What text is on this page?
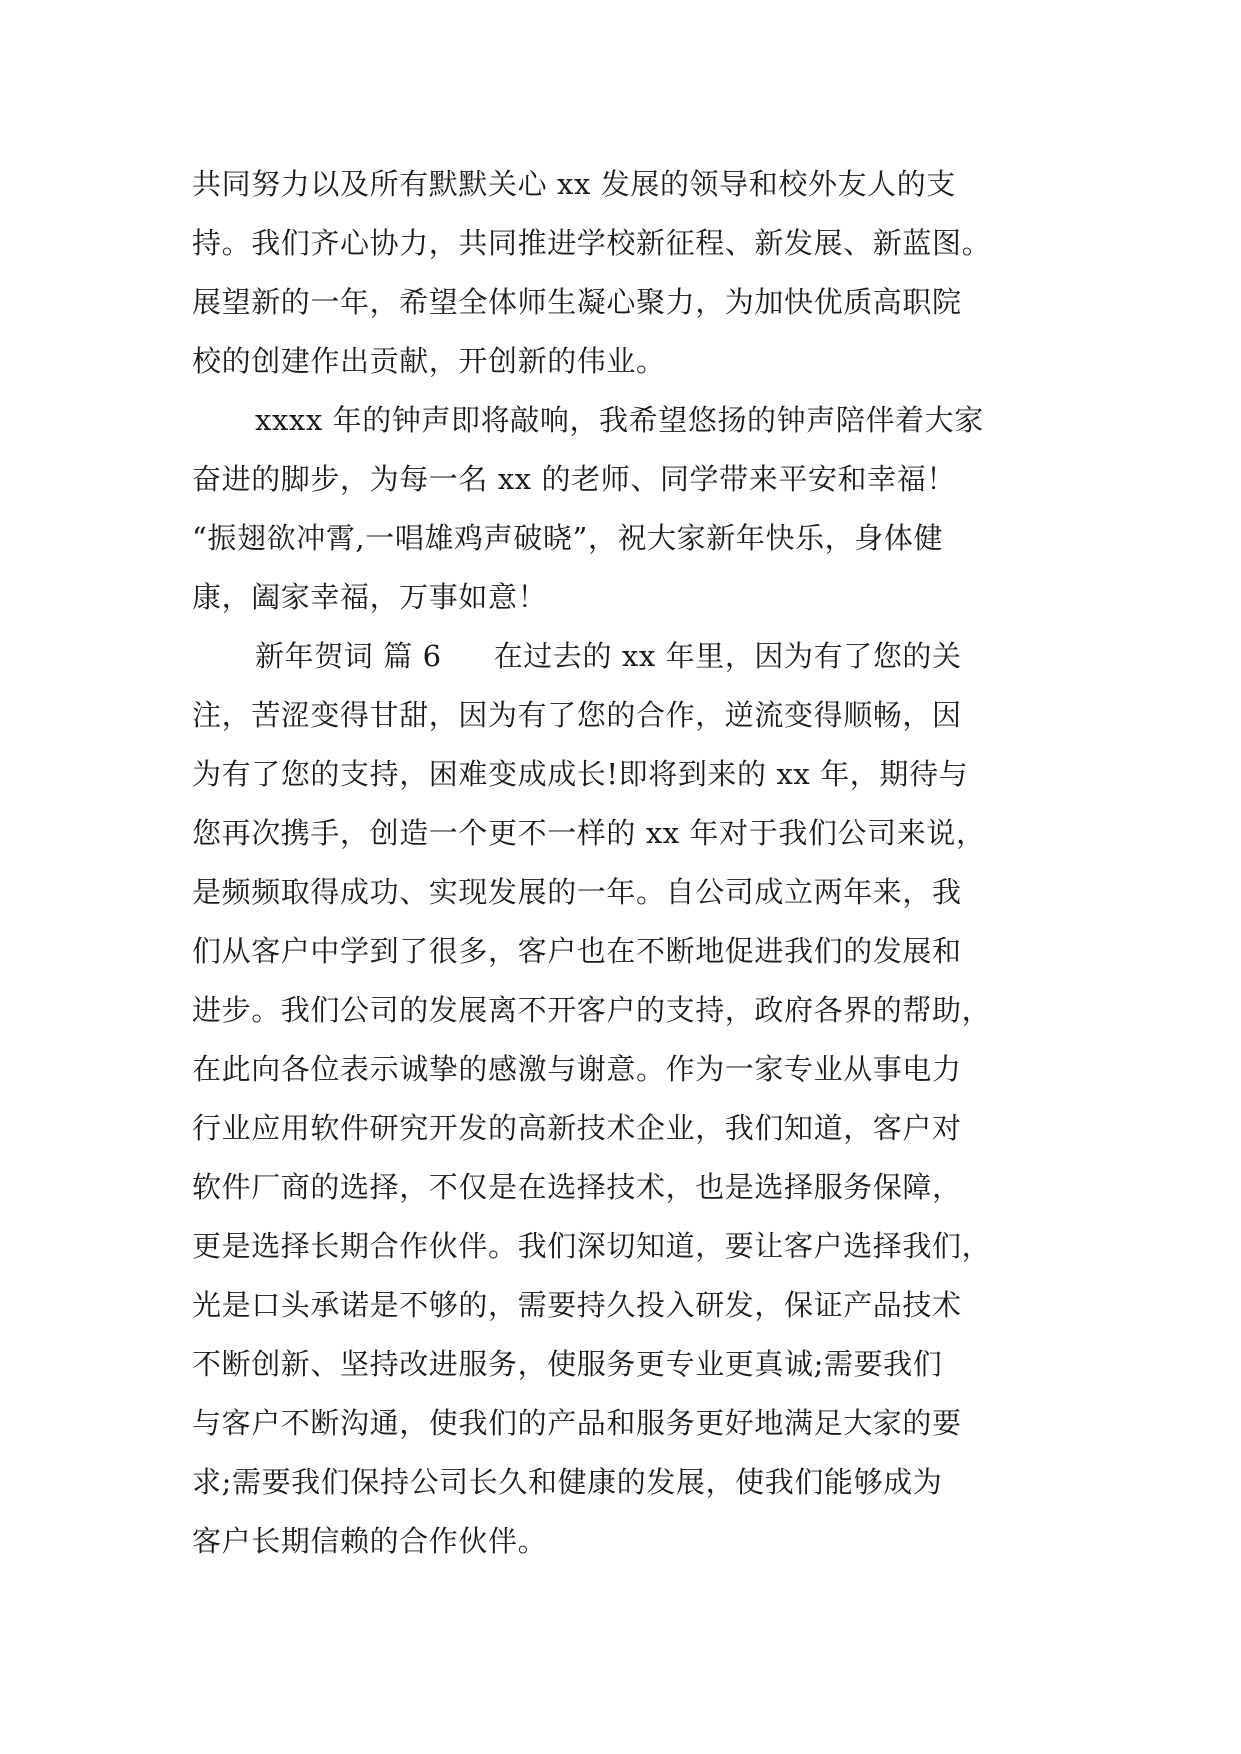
共同努力以及所有默默关心 xx 发展的领导和校外友人的支
持。我们齐心协力，共同推进学校新征程、新发展、新蓝图。
展望新的一年，希望全体师生凝心聚力，为加快优质高职院
校的创建作出贡献，开创新的伟业。
xxxx 年的钟声即将敲响，我希望悠扬的钟声陪伴着大家
奋进的脚步，为每一名 xx 的老师、同学带来平安和幸福！
“振翅欲冲霄,一唱雄鸡声破晓”，祝大家新年快乐，身体健
康，阖家幸福，万事如意！
新年贺词 篇 6 在过去的 xx 年里，因为有了您的关
注，苦涩变得甘甜，因为有了您的合作，逆流变得顺畅，因
为有了您的支持，困难变成成长!即将到来的 xx 年，期待与
您再次携手，创造一个更不一样的 xx 年对于我们公司来说，
是频频取得成功、实现发展的一年。自公司成立两年来，我
们从客户中学到了很多，客户也在不断地促进我们的发展和
进步。我们公司的发展离不开客户的支持，政府各界的帮助，
在此向各位表示诚挚的感激与谢意。作为一家专业从事电力
行业应用软件研究开发的高新技术企业，我们知道，客户对
软件厂商的选择，不仅是在选择技术，也是选择服务保障，
更是选择长期合作伙伴。我们深切知道，要让客户选择我们，
光是口头承诺是不够的，需要持久投入研发，保证产品技术
不断创新、坚持改进服务，使服务更专业更真诚;需要我们
与客户不断沟通，使我们的产品和服务更好地满足大家的要
求;需要我们保持公司长久和健康的发展，使我们能够成为
客户长期信赖的合作伙伴。
